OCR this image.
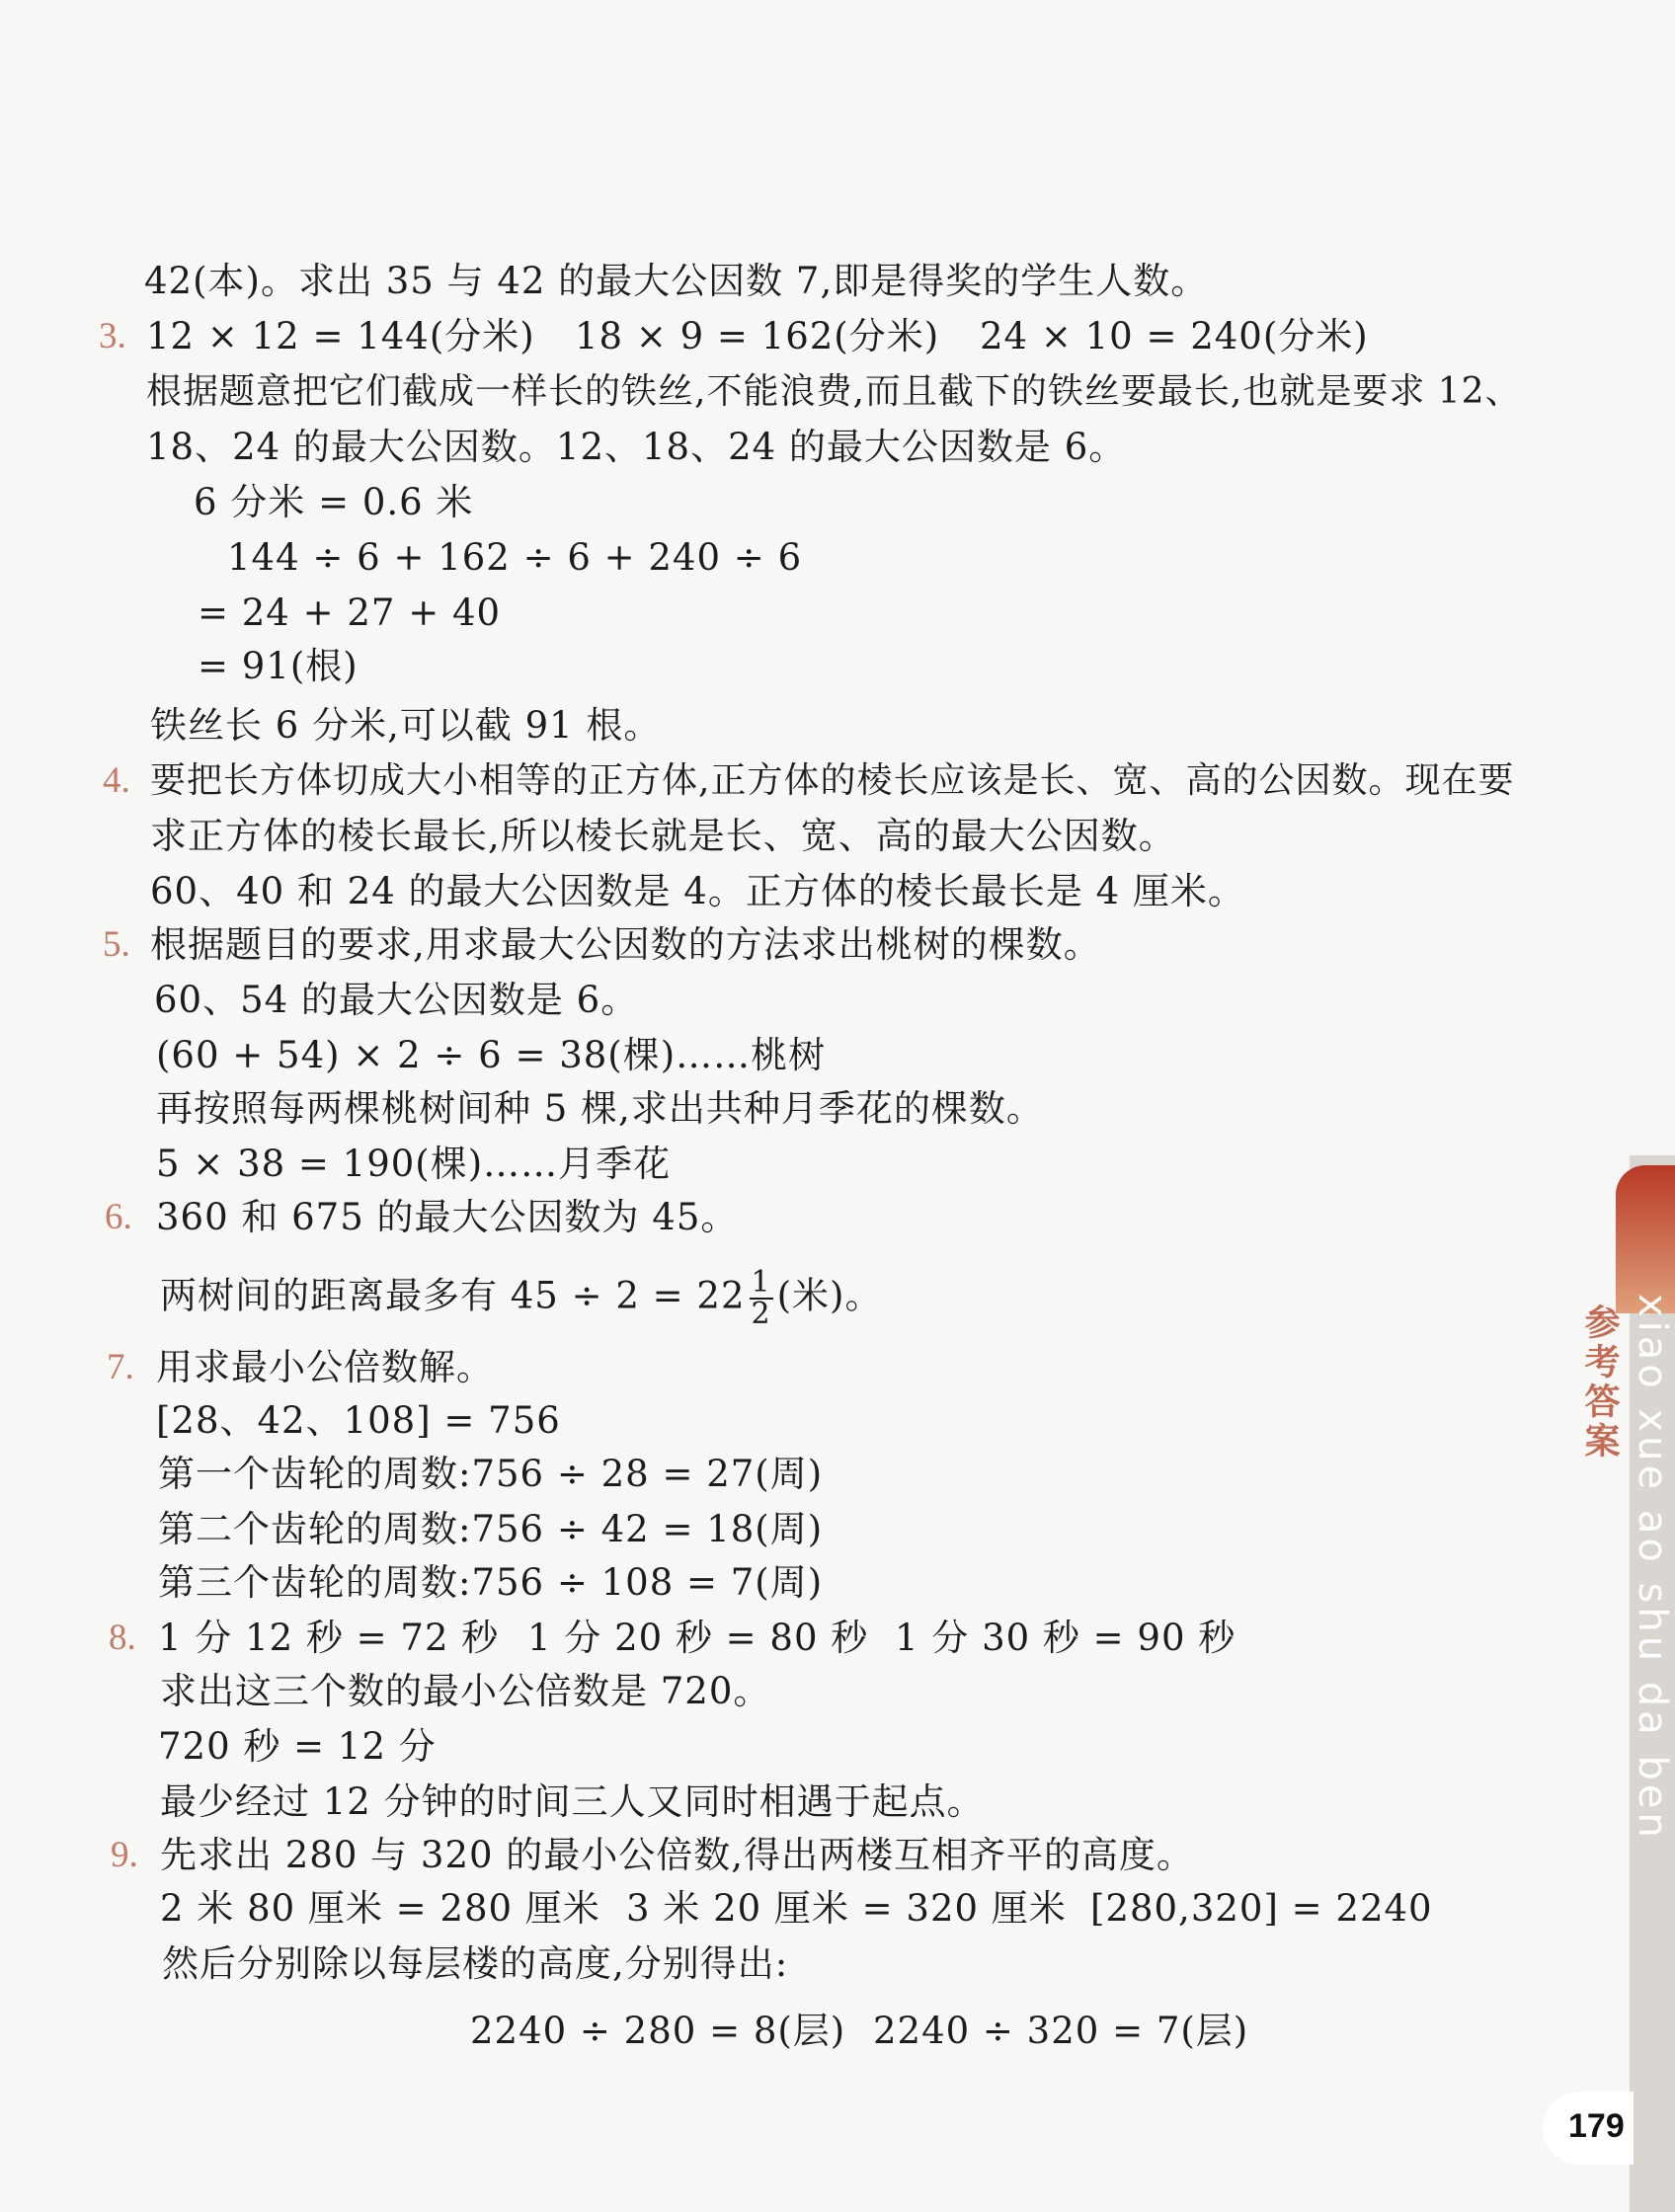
xiao xue ao shu da ben
参考答案
179
42(本)。求出 35 与 42 的最大公因数 7,即是得奖的学生人数。
3. 12 × 12 = 144(分米) 18 × 9 = 162(分米) 24 × 10 = 240(分米)
根据题意把它们截成一样长的铁丝,不能浪费,而且截下的铁丝要最长,也就是要求 12、
18、24 的最大公因数。12、18、24 的最大公因数是 6。
6 分米 = 0.6 米
144 ÷ 6 + 162 ÷ 6 + 240 ÷ 6
= 24 + 27 + 40
= 91(根)
铁丝长 6 分米,可以截 91 根。
4. 要把长方体切成大小相等的正方体,正方体的棱长应该是长、宽、高的公因数。现在要
求正方体的棱长最长,所以棱长就是长、宽、高的最大公因数。
60、40 和 24 的最大公因数是 4。正方体的棱长最长是 4 厘米。
5. 根据题目的要求,用求最大公因数的方法求出桃树的棵数。
60、54 的最大公因数是 6。
(60 + 54) × 2 ÷ 6 = 38(棵)……桃树
再按照每两棵桃树间种 5 棵,求出共种月季花的棵数。
5 × 38 = 190(棵)……月季花
6. 360 和 675 的最大公因数为 45。
两树间的距离最多有 $45 \div 2 = 22 \frac{1}{2}$ (米)。
7. 用求最小公倍数解。
[28、42、108] = 756
第一个齿轮的周数:756 ÷ 28 = 27(周)
第二个齿轮的周数:756 ÷ 42 = 18(周)
第三个齿轮的周数:756 ÷ 108 = 7(周)
8. 1 分 12 秒 = 72 秒 1 分 20 秒 = 80 秒 1 分 30 秒 = 90 秒
求出这三个数的最小公倍数是 720。
720 秒 = 12 分
最少经过 12 分钟的时间三人又同时相遇于起点。
9. 先求出 280 与 320 的最小公倍数,得出两楼互相齐平的高度。
2 米 80 厘米 = 280 厘米 3 米 20 厘米 = 320 厘米 [280,320] = 2240
然后分别除以每层楼的高度,分别得出:
2240 ÷ 280 = 8(层) 2240 ÷ 320 = 7(层)
